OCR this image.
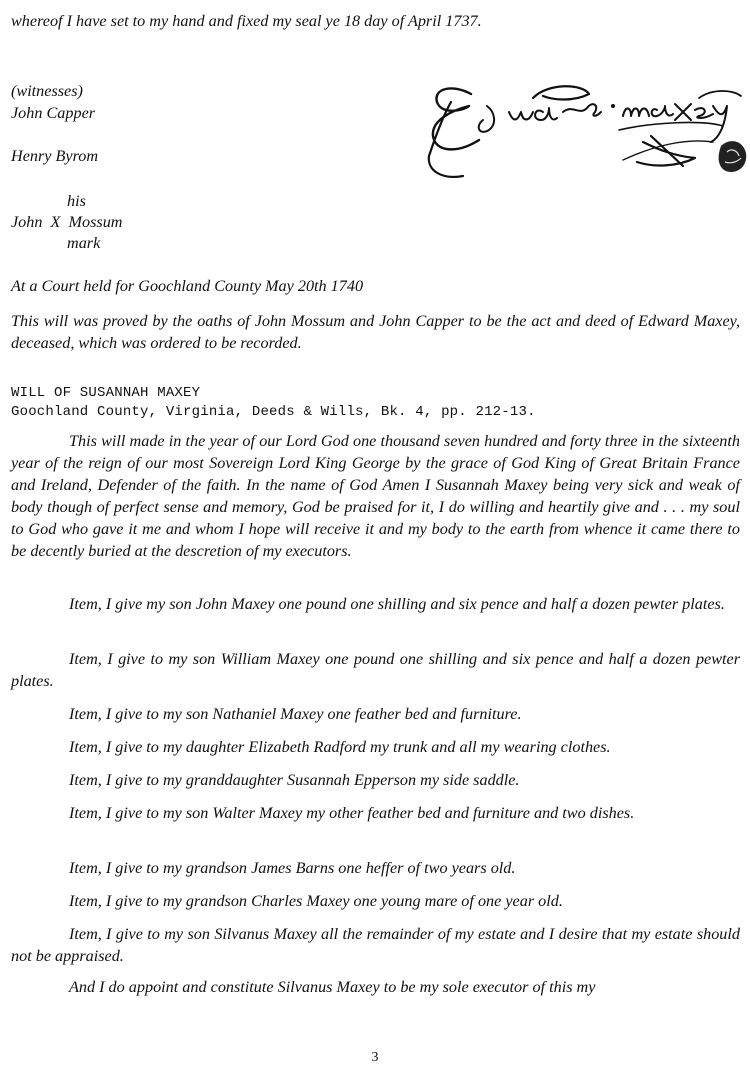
whereof I have set to my hand and fixed my seal ye 18 day of April 1737.
(witnesses)
John Capper
Henry Byrom
his
John  X  Mossum
mark
At a Court held for Goochland County May 20th 1740
This will was proved by the oaths of John Mossum and John Capper to be the act and deed of Edward Maxey, deceased, which was ordered to be recorded.
WILL OF SUSANNAH MAXEY
Goochland County, Virginia, Deeds & Wills, Bk. 4, pp. 212-13.
This will made in the year of our Lord God one thousand seven hundred and forty three in the sixteenth year of the reign of our most Sovereign Lord King George by the grace of God King of Great Britain France and Ireland, Defender of the faith. In the name of God Amen I Susannah Maxey being very sick and weak of body though of perfect sense and memory, God be praised for it, I do willing and heartily give and . . . my soul to God who gave it me and whom I hope will receive it and my body to the earth from whence it came there to be decently buried at the descretion of my executors.
Item, I give my son John Maxey one pound one shilling and six pence and half a dozen pewter plates.
Item, I give to my son William Maxey one pound one shilling and six pence and half a dozen pewter plates.
Item, I give to my son Nathaniel Maxey one feather bed and furniture.
Item, I give to my daughter Elizabeth Radford my trunk and all my wearing clothes.
Item, I give to my granddaughter Susannah Epperson my side saddle.
Item, I give to my son Walter Maxey my other feather bed and furniture and two dishes.
Item, I give to my grandson James Barns one heffer of two years old.
Item, I give to my grandson Charles Maxey one young mare of one year old.
Item, I give to my son Silvanus Maxey all the remainder of my estate and I desire that my estate should not be appraised.
And I do appoint and constitute Silvanus Maxey to be my sole executor of this my
3
